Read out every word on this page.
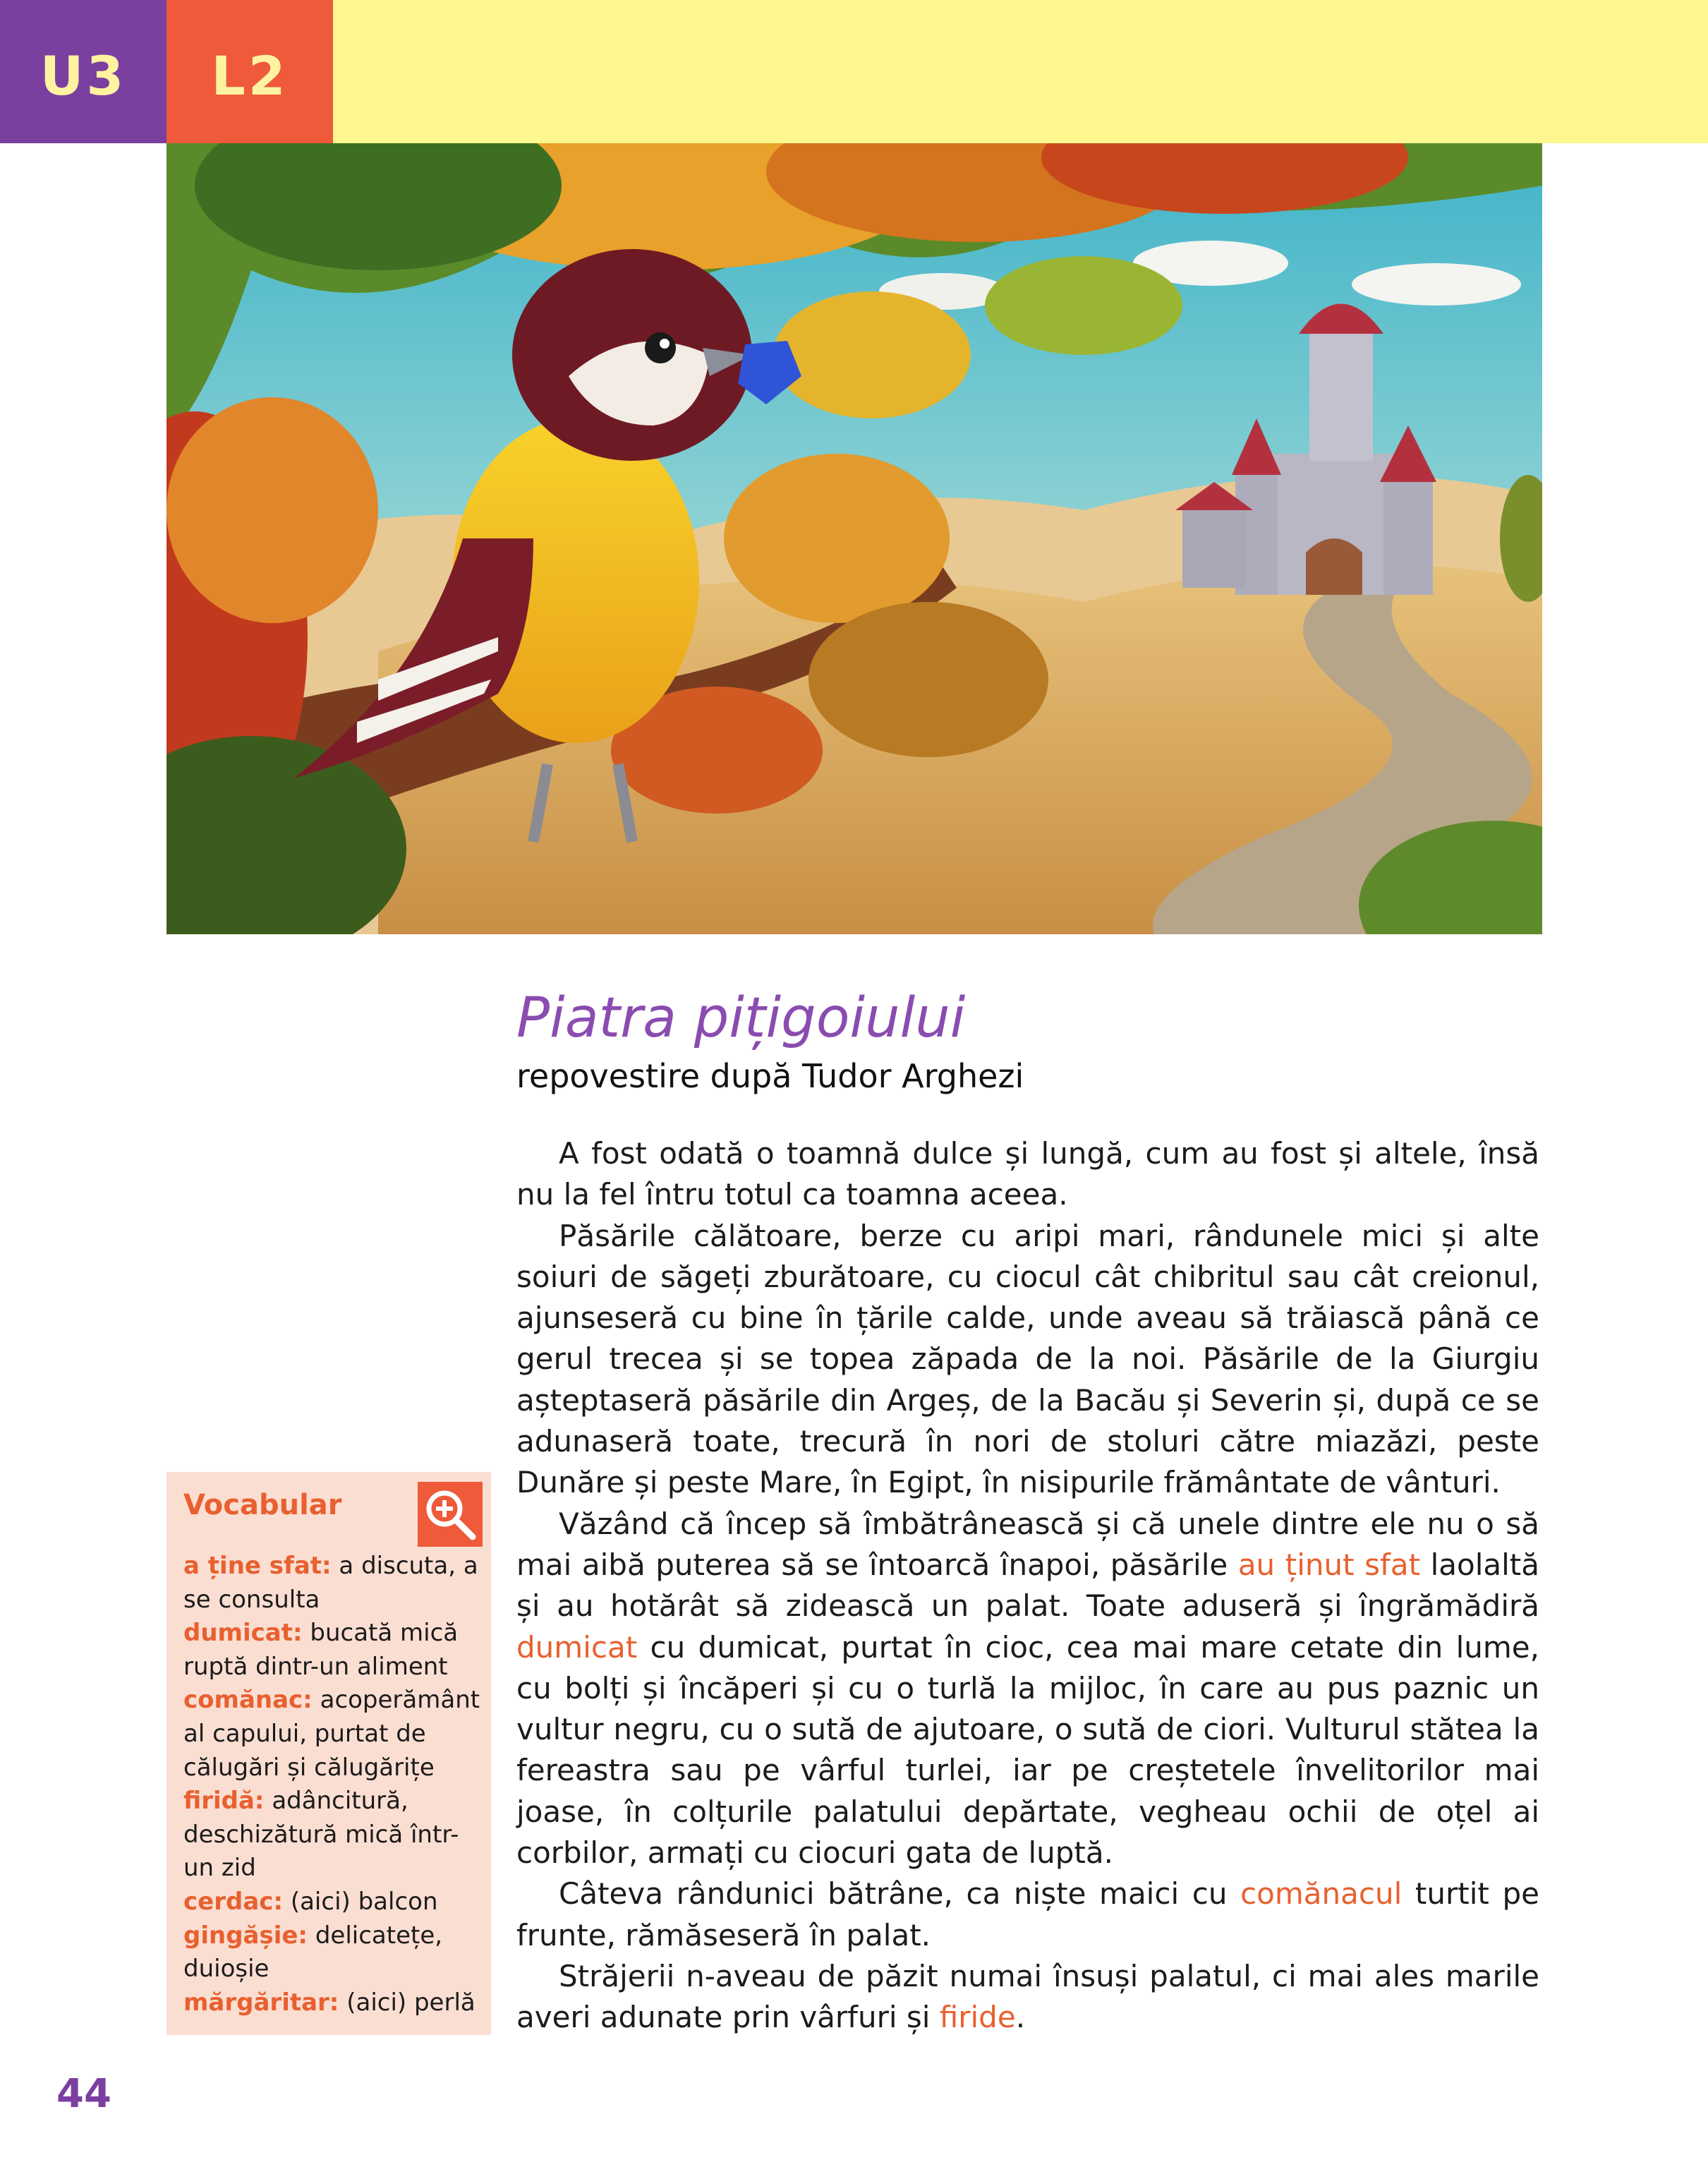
U3	L2
Piatra pițigoiului
repovestire după Tudor Arghezi

A fost odată o toamnă dulce și lungă, cum au fost și altele, însă nu la fel întru totul ca toamna aceea.

Păsările călătoare, berze cu aripi mari, rândunele mici și alte soiuri de săgeți zburătoare, cu ciocul cât chibritul sau cât creionul, ajunseseră cu bine în țările calde, unde aveau să trăiască până ce gerul trecea și se topea zăpada de la noi. Păsările de la Giurgiu așteptaseră păsările din Argeș, de la Bacău și Severin și, după ce se adunaseră toate, trecură în nori de stoluri către miazăzi, peste Dunăre și peste Mare, în Egipt, în nisipurile frământate de vânturi.

Văzând că încep să îmbătrânească și că unele dintre ele nu o să mai aibă puterea să se întoarcă înapoi, păsările au ținut sfat laolaltă și au hotărât să zidească un palat. Toate aduseră și îngrămădiră dumicat cu dumicat, purtat în cioc, cea mai mare cetate din lume, cu bolți și încăperi și cu o turlă la mijloc, în care au pus paznic un vultur negru, cu o sută de ajutoare, o sută de ciori. Vulturul stătea la fereastra sau pe vârful turlei, iar pe creștetele învelitorilor mai joase, în colțurile palatului depărtate, vegheau ochii de oțel ai corbilor, armați cu ciocuri gata de luptă.

Câteva rândunici bătrâne, ca niște maici cu comănacul turtit pe frunte, rămăseseră în palat.

Străjerii n-aveau de păzit numai însuși palatul, ci mai ales marile averi adunate prin vârfuri și firide.

Vocabular
a ține sfat: a discuta, a se consulta
dumicat: bucată mică ruptă dintr-un aliment
comănac: acoperământ al capului, purtat de călugări și călugărițe
firidă: adâncitură, deschizătură mică într-un zid
cerdac: (aici) balcon
gingășie: delicatețe, duioșie
mărgăritar: (aici) perlă
44
